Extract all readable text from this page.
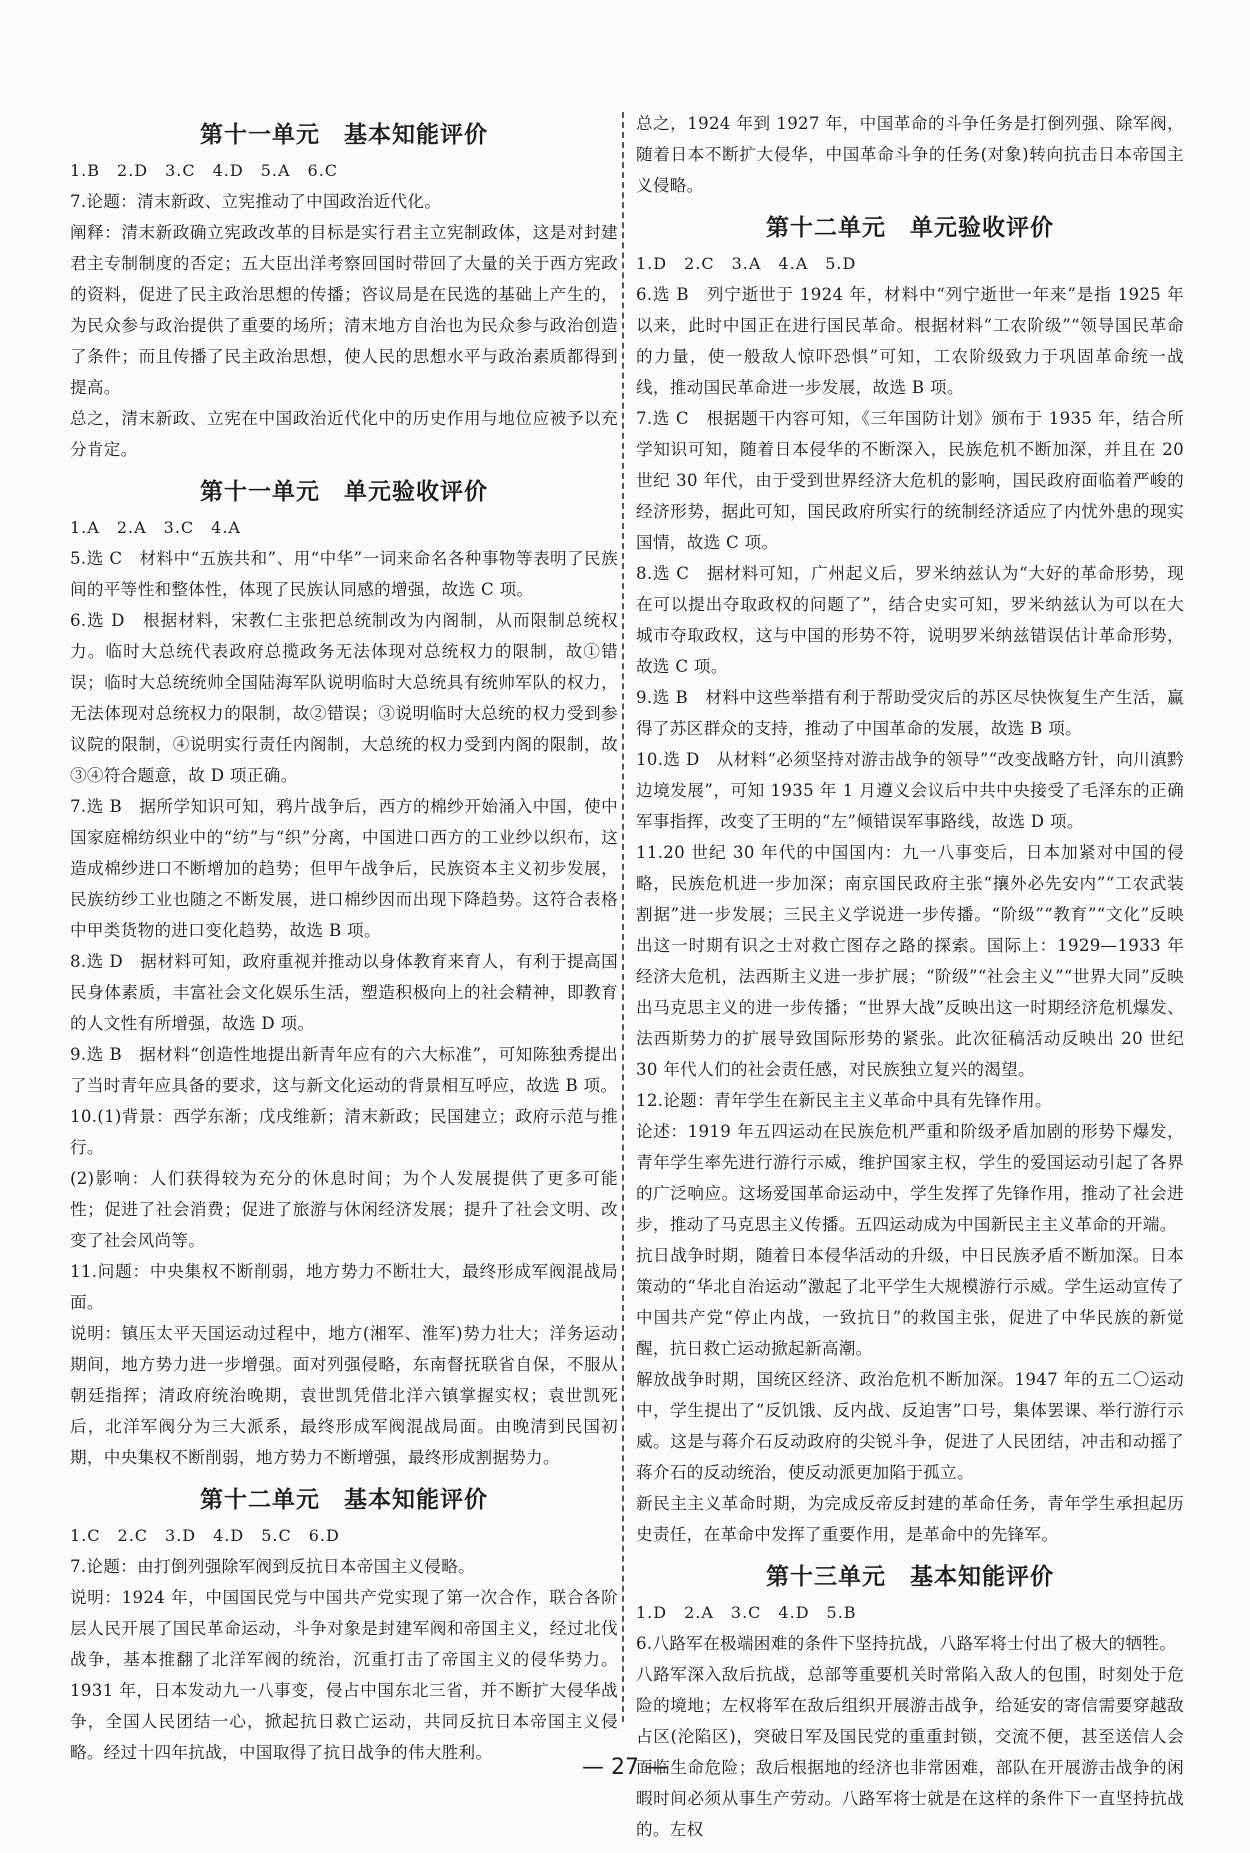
第十一单元　基本知能评价

1.B　2.D　3.C　4.D　5.A　6.C

7.论题：清末新政、立宪推动了中国政治近代化。

阐释：清末新政确立宪政改革的目标是实行君主立宪制政体，这是对封建君主专制制度的否定；五大臣出洋考察回国时带回了大量的关于西方宪政的资料，促进了民主政治思想的传播；咨议局是在民选的基础上产生的，为民众参与政治提供了重要的场所；清末地方自治也为民众参与政治创造了条件；而且传播了民主政治思想，使人民的思想水平与政治素质都得到提高。

总之，清末新政、立宪在中国政治近代化中的历史作用与地位应被予以充分肯定。

第十一单元　单元验收评价

1.A　2.A　3.C　4.A

5.选 C　材料中“五族共和”、用“中华”一词来命名各种事物等表明了民族间的平等性和整体性，体现了民族认同感的增强，故选 C 项。

6.选 D　根据材料，宋教仁主张把总统制改为内阁制，从而限制总统权力。临时大总统代表政府总揽政务无法体现对总统权力的限制，故①错误；临时大总统统帅全国陆海军队说明临时大总统具有统帅军队的权力，无法体现对总统权力的限制，故②错误；③说明临时大总统的权力受到参议院的限制，④说明实行责任内阁制，大总统的权力受到内阁的限制，故③④符合题意，故 D 项正确。

7.选 B　据所学知识可知，鸦片战争后，西方的棉纱开始涌入中国，使中国家庭棉纺织业中的“纺”与“织”分离，中国进口西方的工业纱以织布，这造成棉纱进口不断增加的趋势；但甲午战争后，民族资本主义初步发展，民族纺纱工业也随之不断发展，进口棉纱因而出现下降趋势。这符合表格中甲类货物的进口变化趋势，故选 B 项。

8.选 D　据材料可知，政府重视并推动以身体教育来育人，有利于提高国民身体素质，丰富社会文化娱乐生活，塑造积极向上的社会精神，即教育的人文性有所增强，故选 D 项。

9.选 B　据材料“创造性地提出新青年应有的六大标准”，可知陈独秀提出了当时青年应具备的要求，这与新文化运动的背景相互呼应，故选 B 项。

10.(1)背景：西学东渐；戊戌维新；清末新政；民国建立；政府示范与推行。

(2)影响：人们获得较为充分的休息时间；为个人发展提供了更多可能性；促进了社会消费；促进了旅游与休闲经济发展；提升了社会文明、改变了社会风尚等。

11.问题：中央集权不断削弱，地方势力不断壮大，最终形成军阀混战局面。

说明：镇压太平天国运动过程中，地方(湘军、淮军)势力壮大；洋务运动期间，地方势力进一步增强。面对列强侵略，东南督抚联省自保，不服从朝廷指挥；清政府统治晚期，袁世凯凭借北洋六镇掌握实权；袁世凯死后，北洋军阀分为三大派系，最终形成军阀混战局面。由晚清到民国初期，中央集权不断削弱，地方势力不断增强，最终形成割据势力。

第十二单元　基本知能评价

1.C　2.C　3.D　4.D　5.C　6.D

7.论题：由打倒列强除军阀到反抗日本帝国主义侵略。

说明：1924 年，中国国民党与中国共产党实现了第一次合作，联合各阶层人民开展了国民革命运动，斗争对象是封建军阀和帝国主义，经过北伐战争，基本推翻了北洋军阀的统治，沉重打击了帝国主义的侵华势力。1931 年，日本发动九一八事变，侵占中国东北三省，并不断扩大侵华战争，全国人民团结一心，掀起抗日救亡运动，共同反抗日本帝国主义侵略。经过十四年抗战，中国取得了抗日战争的伟大胜利。

总之，1924 年到 1927 年，中国革命的斗争任务是打倒列强、除军阀，随着日本不断扩大侵华，中国革命斗争的任务(对象)转向抗击日本帝国主义侵略。

第十二单元　单元验收评价

1.D　2.C　3.A　4.A　5.D

6.选 B　列宁逝世于 1924 年，材料中“列宁逝世一年来”是指 1925 年以来，此时中国正在进行国民革命。根据材料“工农阶级”“领导国民革命的力量，使一般敌人惊吓恐惧”可知，工农阶级致力于巩固革命统一战线，推动国民革命进一步发展，故选 B 项。

7.选 C　根据题干内容可知，《三年国防计划》颁布于 1935 年，结合所学知识可知，随着日本侵华的不断深入，民族危机不断加深，并且在 20 世纪 30 年代，由于受到世界经济大危机的影响，国民政府面临着严峻的经济形势，据此可知，国民政府所实行的统制经济适应了内忧外患的现实国情，故选 C 项。

8.选 C　据材料可知，广州起义后，罗米纳兹认为“大好的革命形势，现在可以提出夺取政权的问题了”，结合史实可知，罗米纳兹认为可以在大城市夺取政权，这与中国的形势不符，说明罗米纳兹错误估计革命形势，故选 C 项。

9.选 B　材料中这些举措有利于帮助受灾后的苏区尽快恢复生产生活，赢得了苏区群众的支持，推动了中国革命的发展，故选 B 项。

10.选 D　从材料“必须坚持对游击战争的领导”“改变战略方针，向川滇黔边境发展”，可知 1935 年 1 月遵义会议后中共中央接受了毛泽东的正确军事指挥，改变了王明的“左”倾错误军事路线，故选 D 项。

11.20 世纪 30 年代的中国国内：九一八事变后，日本加紧对中国的侵略，民族危机进一步加深；南京国民政府主张“攘外必先安内”“工农武装割据”进一步发展；三民主义学说进一步传播。“阶级”“教育”“文化”反映出这一时期有识之士对救亡图存之路的探索。国际上：1929—1933 年经济大危机，法西斯主义进一步扩展；“阶级”“社会主义”“世界大同”反映出马克思主义的进一步传播；“世界大战”反映出这一时期经济危机爆发、法西斯势力的扩展导致国际形势的紧张。此次征稿活动反映出 20 世纪 30 年代人们的社会责任感，对民族独立复兴的渴望。

12.论题：青年学生在新民主主义革命中具有先锋作用。

论述：1919 年五四运动在民族危机严重和阶级矛盾加剧的形势下爆发，青年学生率先进行游行示威，维护国家主权，学生的爱国运动引起了各界的广泛响应。这场爱国革命运动中，学生发挥了先锋作用，推动了社会进步，推动了马克思主义传播。五四运动成为中国新民主主义革命的开端。

抗日战争时期，随着日本侵华活动的升级，中日民族矛盾不断加深。日本策动的“华北自治运动”激起了北平学生大规模游行示威。学生运动宣传了中国共产党“停止内战，一致抗日”的救国主张，促进了中华民族的新觉醒，抗日救亡运动掀起新高潮。

解放战争时期，国统区经济、政治危机不断加深。1947 年的五二〇运动中，学生提出了“反饥饿、反内战、反迫害”口号，集体罢课、举行游行示威。这是与蒋介石反动政府的尖锐斗争，促进了人民团结，冲击和动摇了蒋介石的反动统治，使反动派更加陷于孤立。

新民主主义革命时期，为完成反帝反封建的革命任务，青年学生承担起历史责任，在革命中发挥了重要作用，是革命中的先锋军。

第十三单元　基本知能评价

1.D　2.A　3.C　4.D　5.B

6.八路军在极端困难的条件下坚持抗战，八路军将士付出了极大的牺牲。

八路军深入敌后抗战，总部等重要机关时常陷入敌人的包围，时刻处于危险的境地；左权将军在敌后组织开展游击战争，给延安的寄信需要穿越敌占区(沦陷区)，突破日军及国民党的重重封锁，交流不便，甚至送信人会面临生命危险；敌后根据地的经济也非常困难，部队在开展游击战争的闲暇时间必须从事生产劳动。八路军将士就是在这样的条件下一直坚持抗战的。左权

— 27 —
